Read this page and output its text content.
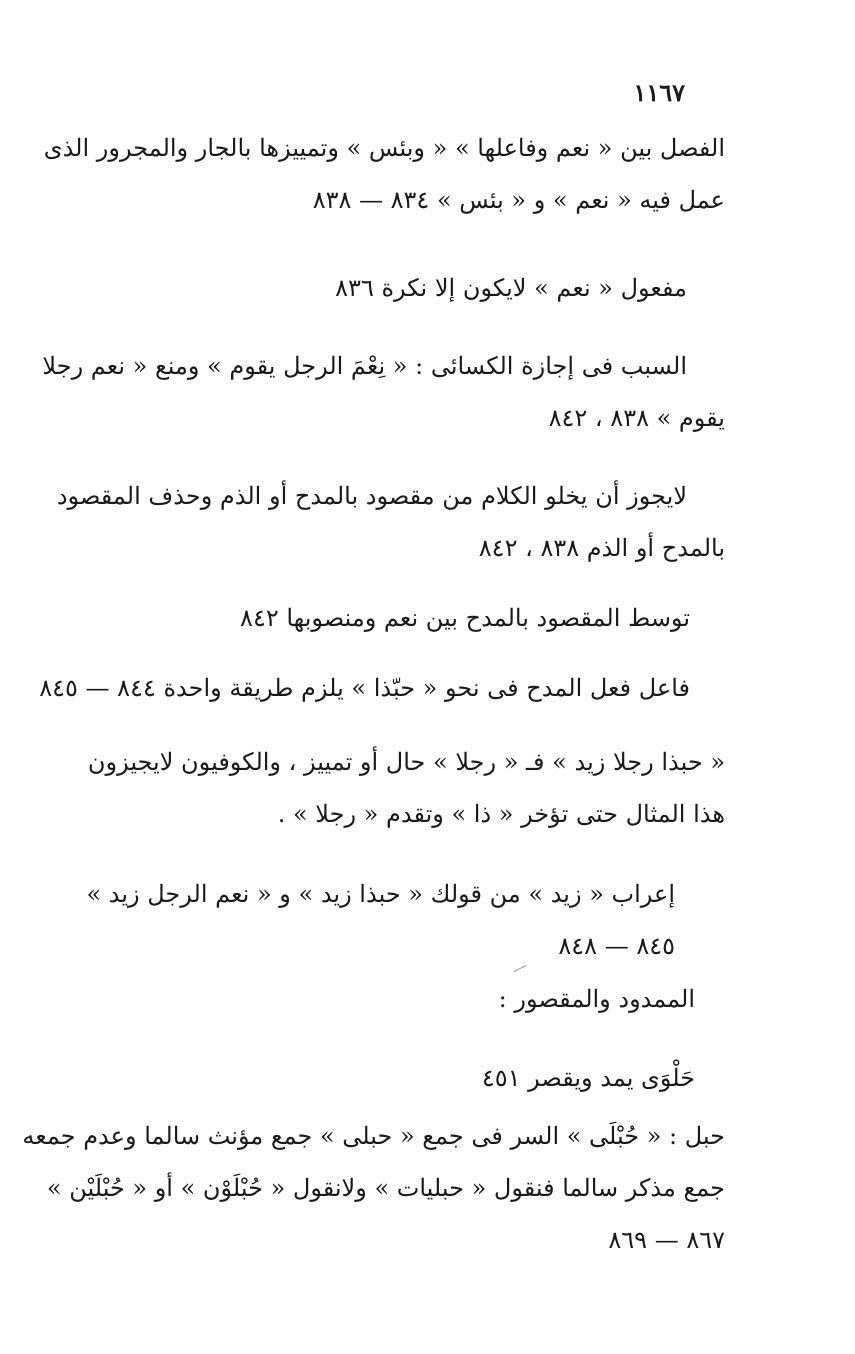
١١٦٧
الفصل بين « نعم وفاعلها » « وبئس » وتمييزها بالجار والمجرور الذى
عمل فيه « نعم » و « بئس » ٨٣٤ — ٨٣٨
مفعول « نعم » لايكون إلا نكرة ٨٣٦
السبب فى إجازة الكسائى : « نِعْمَ الرجل يقوم » ومنع « نعم رجلا
يقوم » ٨٣٨ ، ٨٤٢
لايجوز أن يخلو الكلام من مقصود بالمدح أو الذم وحذف المقصود
بالمدح أو الذم ٨٣٨ ، ٨٤٢
توسط المقصود بالمدح بين نعم ومنصوبها ٨٤٢
فاعل فعل المدح فى نحو « حبّذا » يلزم طريقة واحدة ٨٤٤ — ٨٤٥
« حبذا رجلا زيد » فـ « رجلا » حال أو تمييز ، والكوفيون لايجيزون
هذا المثال حتى تؤخر « ذا » وتقدم « رجلا » .
إعراب « زيد » من قولك « حبذا زيد » و « نعم الرجل زيد »
٨٤٥ — ٨٤٨
الممدود والمقصور :
حَلْوَى يمد ويقصر ٤٥١
حبل : « حُبْلَى » السر فى جمع « حبلى » جمع مؤنث سالما وعدم جمعه
جمع مذكر سالما فنقول « حبليات » ولانقول « حُبْلَوْن » أو « حُبْلَيْن »
٨٦٧ — ٨٦٩
